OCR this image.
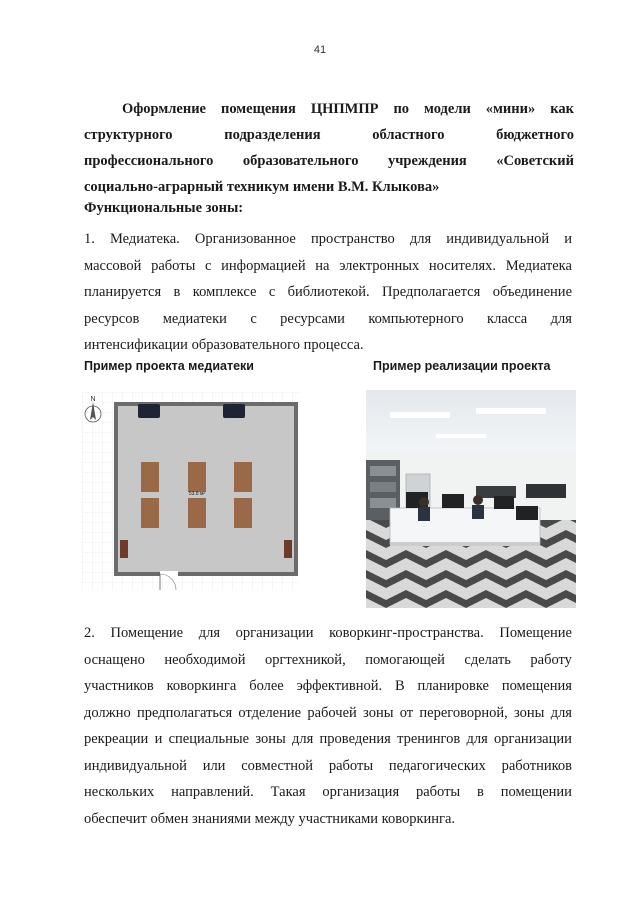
41
Оформление помещения ЦНПМПР по модели «мини» как
структурного	подразделения	областного	бюджетного
профессионального образовательного учреждения «Советский
социально-аграрный техникум имени В.М. Клыкова»
Функциональные зоны:
1. Медиатека. Организованное пространство для индивидуальной и
массовой работы с информацией на электронных носителях. Медиатека
планируется в комплексе с библиотекой. Предполагается объединение
ресурсов медиатеки с ресурсами компьютерного класса для
интенсификации образовательного процесса.
Пример проекта медиатеки	Пример реализации проекта
N
53.8 м²
2. Помещение для организации коворкинг-пространства. Помещение
оснащено необходимой оргтехникой, помогающей сделать работу
участников коворкинга более эффективной. В планировке помещения
должно предполагаться отделение рабочей зоны от переговорной, зоны для
рекреации и специальные зоны для проведения тренингов для организации
индивидуальной или совместной работы педагогических работников
нескольких направлений. Такая организация работы в помещении
обеспечит обмен знаниями между участниками коворкинга.
